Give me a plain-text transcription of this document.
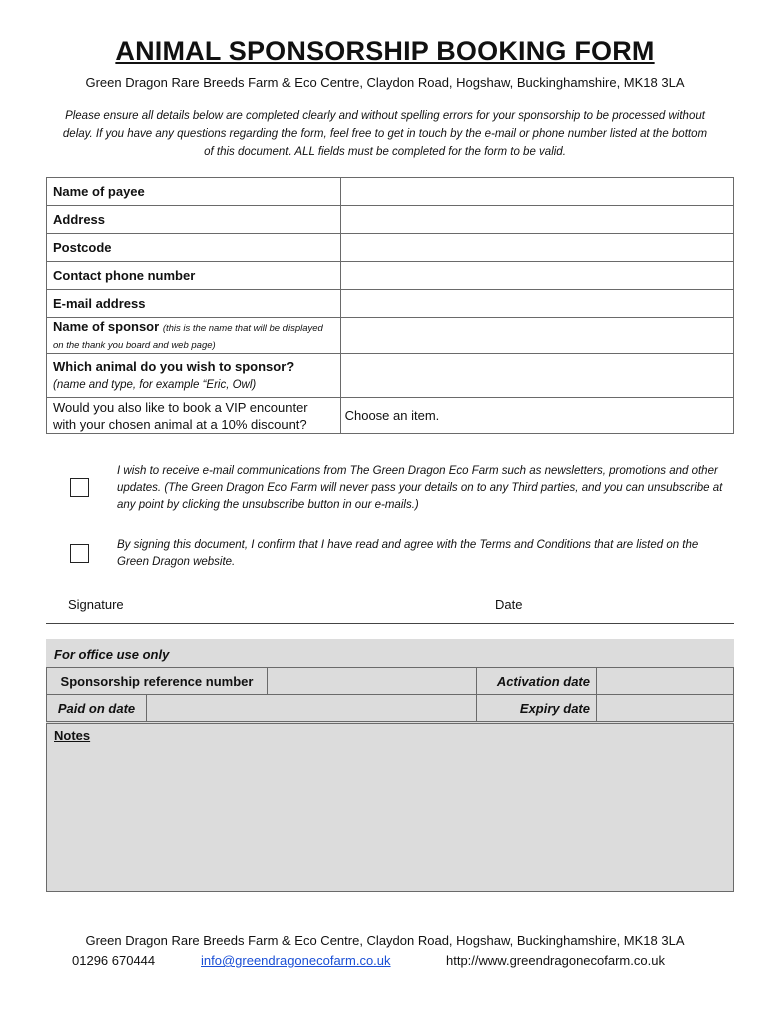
ANIMAL SPONSORSHIP BOOKING FORM
Green Dragon Rare Breeds Farm & Eco Centre, Claydon Road, Hogshaw, Buckinghamshire, MK18 3LA
Please ensure all details below are completed clearly and without spelling errors for your sponsorship to be processed without delay. If you have any questions regarding the form, feel free to get in touch by the e-mail or phone number listed at the bottom of this document. ALL fields must be completed for the form to be valid.
Name of payee	
Address	
Postcode	
Contact phone number	
E-mail address	
Name of sponsor (this is the name that will be displayed on the thank you board and web page)	

Which animal do you wish to sponsor?
(name and type, for example “Eric, Owl)	

Would you also like to book a VIP encounter with your chosen animal at a 10% discount?	Choose an item.
I wish to receive e-mail communications from The Green Dragon Eco Farm such as newsletters, promotions and other updates. (The Green Dragon Eco Farm will never pass your details on to any Third parties, and you can unsubscribe at any point by clicking the unsubscribe button in our e-mails.)
By signing this document, I confirm that I have read and agree with the Terms and Conditions that are listed on the Green Dragon website.
Signature	Date
For office use only
Sponsorship reference number			Activation date	
Paid on date			Expiry date	
Notes
Green Dragon Rare Breeds Farm & Eco Centre, Claydon Road, Hogshaw, Buckinghamshire, MK18 3LA
01296 670444	info@greendragonecofarm.co.uk	http://www.greendragonecofarm.co.uk
